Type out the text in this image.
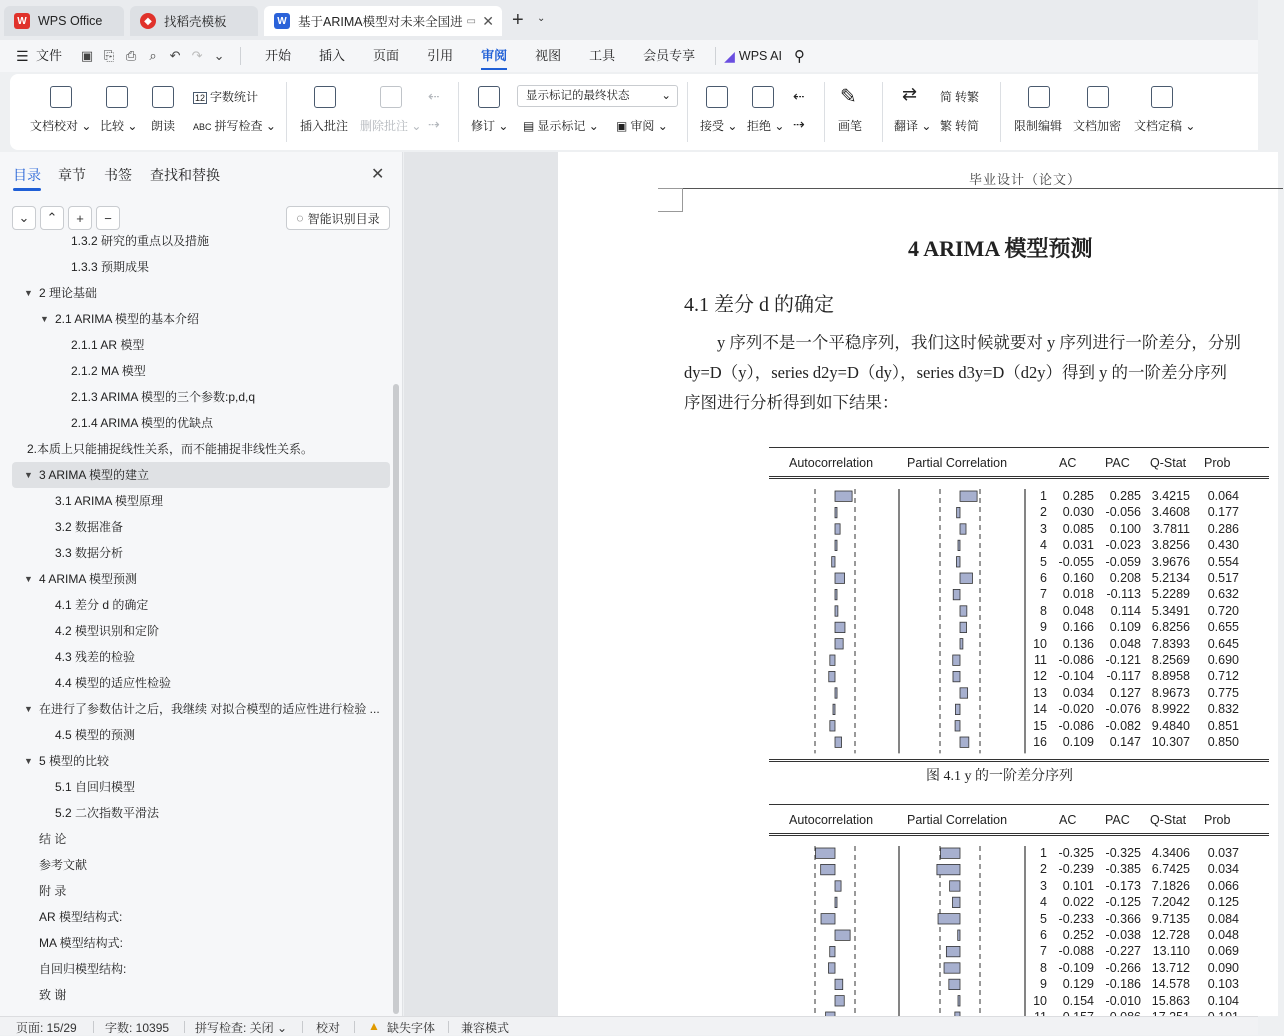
W WPS Office	◆ 找稻壳模板	W 基于ARIMA模型对未来全国进 ▭ ✕ + ⌄
☰ 文件	▣ ⎘ ⎙	⌕ ↶ ↷ ⌄	开始	插入	页面	引用	审阅	视图	工具	会员专享	◢ WPS AI ⚲
文档校对 ⌄ 比较 ⌄ 朗读
12 字数统计
ABC 拼写检查 ⌄ 插入批注 删除批注 ⌄
⇠
⇢	修订 ⌄
显示标记的最终状态	⌄
▤ 显示标记 ⌄ ▣ 审阅 ⌄	接受 ⌄ 拒绝 ⌄
⇠
⇢
✎
画笔
⇄
翻译 ⌄
简 转繁
繁 转简	限制编辑 文档加密 文档定稿 ⌄
目录 章节 书签 查找和替换	✕
⌄ ⌃ + −	◌ 智能识别目录
1.3.2 研究的重点以及措施
1.3.3 预期成果
▼ 2 理论基础
▼ 2.1 ARIMA 模型的基本介绍
2.1.1 AR 模型
2.1.2 MA 模型
2.1.3 ARIMA 模型的三个参数:p,d,q
2.1.4 ARIMA 模型的优缺点
2.本质上只能捕捉线性关系，而不能捕捉非线性关系。
▼ 3 ARIMA 模型的建立
3.1 ARIMA 模型原理
3.2 数据准备
3.3 数据分析
▼ 4 ARIMA 模型预测
4.1 差分 d 的确定
4.2 模型识别和定阶
4.3 残差的检验
4.4 模型的适应性检验
▼ 在进行了参数估计之后，我继续 对拟合模型的适应性进行检验 ...
4.5 模型的预测
▼ 5 模型的比较
5.1 自回归模型
5.2 二次指数平滑法
结 论
参考文献
附 录
AR 模型结构式:
MA 模型结构式:
自回归模型结构:
致 谢
毕业设计（论文）
4 ARIMA 模型预测
4.1 差分 d 的确定
y 序列不是一个平稳序列，我们这时候就要对 y 序列进行一阶差分，分别
dy=D（y），series d2y=D（dy），series d3y=D（d2y）得到 y 的一阶差分序列
序图进行分析得到如下结果：
Autocorrelation	Partial Correlation	AC PAC Q-Stat Prob
1 0.285 0.285 3.4215 0.064
2 0.030 -0.056 3.4608 0.177
3 0.085 0.100 3.7811 0.286
4 0.031 -0.023 3.8256 0.430
5 -0.055 -0.059 3.9676 0.554
6 0.160 0.208 5.2134 0.517
7 0.018 -0.113 5.2289 0.632
8 0.048 0.114 5.3491 0.720
9 0.166 0.109 6.8256 0.655
10 0.136 0.048 7.8393 0.645
11 -0.086 -0.121 8.2569 0.690
12 -0.104 -0.117 8.8958 0.712
13 0.034 0.127 8.9673 0.775
14 -0.020 -0.076 8.9922 0.832
15 -0.086 -0.082 9.4840 0.851
16 0.109 0.147 10.307 0.850
图 4.1 y 的一阶差分序列
Autocorrelation	Partial Correlation	AC PAC Q-Stat Prob
1 -0.325 -0.325 4.3406 0.037
2 -0.239 -0.385 6.7425 0.034
3 0.101 -0.173 7.1826 0.066
4 0.022 -0.125 7.2042 0.125
5 -0.233 -0.366 9.7135 0.084
6 0.252 -0.038 12.728 0.048
7 -0.088 -0.227 13.110 0.069
8 -0.109 -0.266 13.712 0.090
9 0.129 -0.186 14.578 0.103
10 0.154 -0.010 15.863 0.104
页面: 15/29 字数: 10395 拼写检查: 关闭 ⌄ 校对 ▲ 缺失字体 兼容模式
